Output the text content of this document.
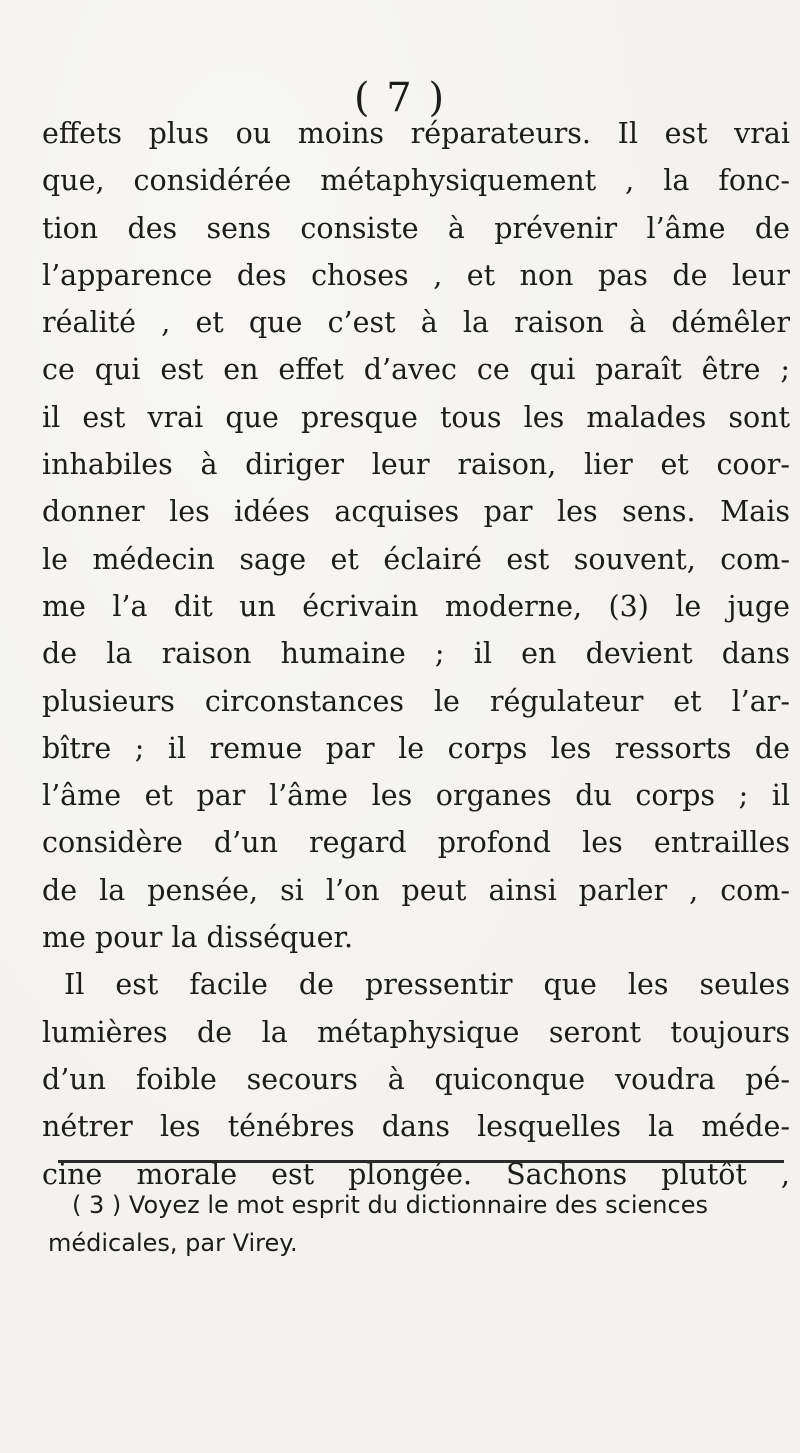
( 7 )
effets plus ou moins réparateurs. Il est vrai
que, considérée métaphysiquement , la fonc-
tion des sens consiste à prévenir l’âme de
l’apparence des choses , et non pas de leur
réalité , et que c’est à la raison à démêler
ce qui est en effet d’avec ce qui paraît être ;
il est vrai que presque tous les malades sont
inhabiles à diriger leur raison, lier et coor-
donner les idées acquises par les sens. Mais
le médecin sage et éclairé est souvent, com-
me l’a dit un écrivain moderne, (3) le juge
de la raison humaine ; il en devient dans
plusieurs circonstances le régulateur et l’ar-
bître ; il remue par le corps les ressorts de
l’âme et par l’âme les organes du corps ; il
considère d’un regard profond les entrailles
de la pensée, si l’on peut ainsi parler , com-
me pour la disséquer.
Il est facile de pressentir que les seules
lumières de la métaphysique seront toujours
d’un foible secours à quiconque voudra pé-
nétrer les ténébres dans lesquelles la méde-
cine morale est plongée. Sachons plutôt ,
( 3 ) Voyez le mot esprit du dictionnaire des sciences
médicales, par Virey.
